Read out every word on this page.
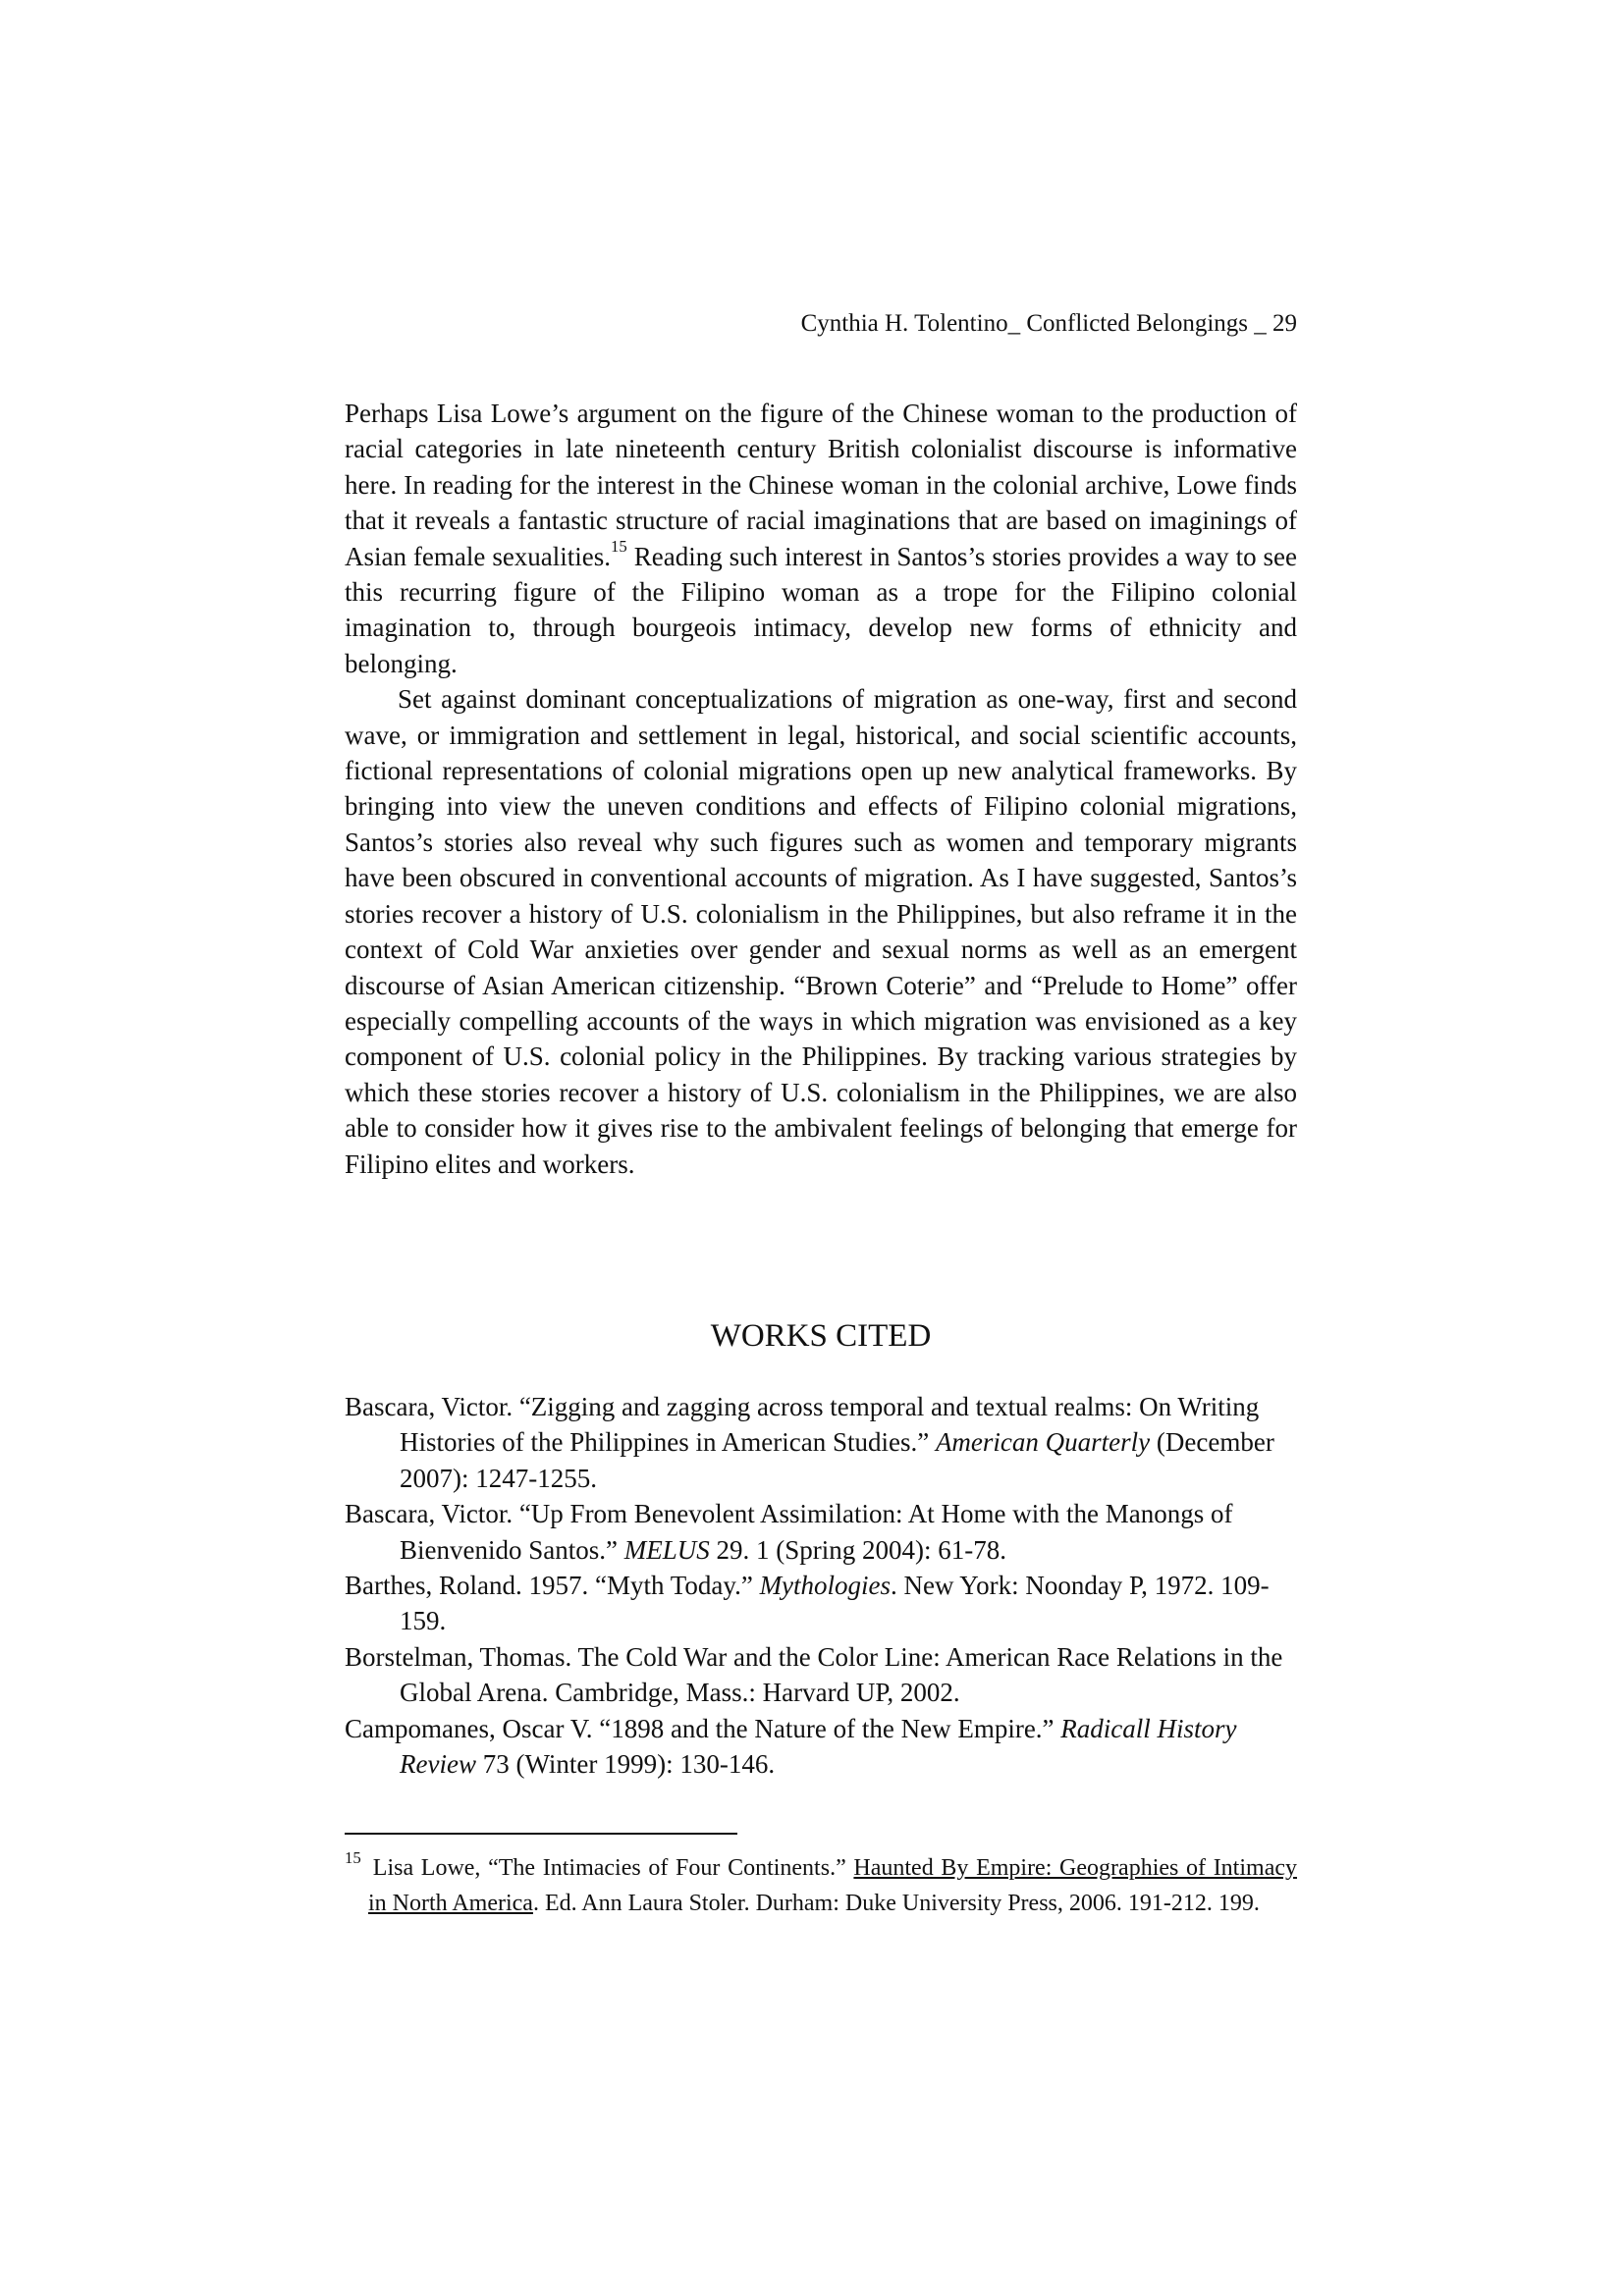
Cynthia H. Tolentino_ Conflicted Belongings _ 29

Perhaps Lisa Lowe’s argument on the figure of the Chinese woman to the production of racial categories in late nineteenth century British colonialist discourse is informative here. In reading for the interest in the Chinese woman in the colonial archive, Lowe finds that it reveals a fantastic structure of racial imaginations that are based on imaginings of Asian female sexualities.$^{15}$ Reading such interest in Santos’s stories provides a way to see this recurring figure of the Filipino woman as a trope for the Filipino colonial imagination to, through bourgeois intimacy, develop new forms of ethnicity and belonging.

Set against dominant conceptualizations of migration as one-way, first and second wave, or immigration and settlement in legal, historical, and social scientific accounts, fictional representations of colonial migrations open up new analytical frameworks. By bringing into view the uneven conditions and effects of Filipino colonial migrations, Santos’s stories also reveal why such figures such as women and temporary migrants have been obscured in conventional accounts of migration. As I have suggested, Santos’s stories recover a history of U.S. colonialism in the Philippines, but also reframe it in the context of Cold War anxieties over gender and sexual norms as well as an emergent discourse of Asian American citizenship. “Brown Coterie” and “Prelude to Home” offer especially compelling accounts of the ways in which migration was envisioned as a key component of U.S. colonial policy in the Philippines. By tracking various strategies by which these stories recover a history of U.S. colonialism in the Philippines, we are also able to consider how it gives rise to the ambivalent feelings of belonging that emerge for Filipino elites and workers.

WORKS CITED
Bascara, Victor. “Zigging and zagging across temporal and textual realms: On Writing Histories of the Philippines in American Studies.” American Quarterly (December 2007): 1247-1255.
Bascara, Victor. “Up From Benevolent Assimilation: At Home with the Manongs of Bienvenido Santos.” MELUS 29. 1 (Spring 2004): 61-78.
Barthes, Roland. 1957. “Myth Today.” Mythologies. New York: Noonday P, 1972. 109-159.
Borstelman, Thomas. The Cold War and the Color Line: American Race Relations in the Global Arena. Cambridge, Mass.: Harvard UP, 2002.
Campomanes, Oscar V. “1898 and the Nature of the New Empire.” Radicall History Review 73 (Winter 1999): 130-146.
$^{15}$ Lisa Lowe, “The Intimacies of Four Continents.” Haunted By Empire: Geographies of Intimacy in North America. Ed. Ann Laura Stoler. Durham: Duke University Press, 2006. 191-212. 199.
